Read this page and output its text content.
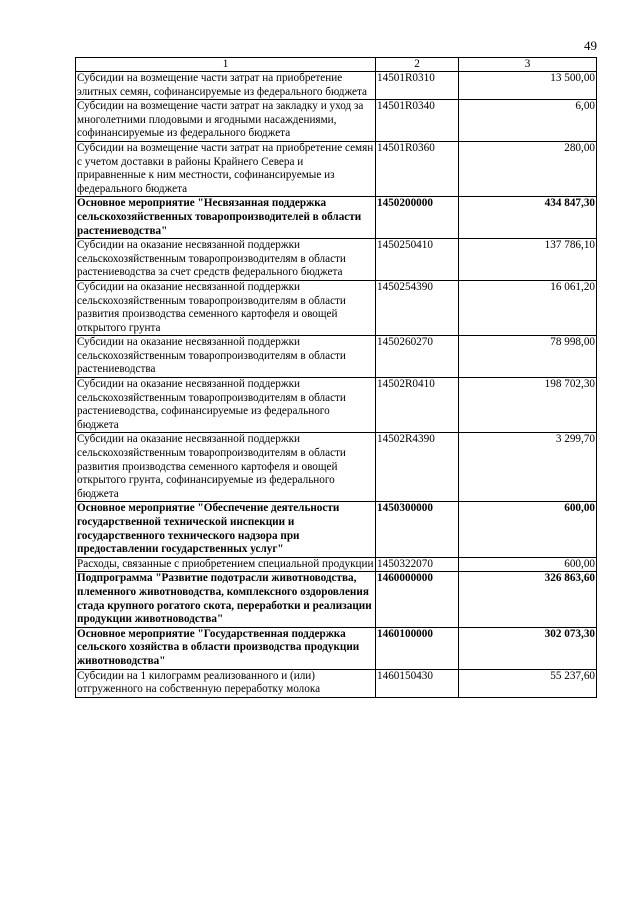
49
1	2	3
Субсидии на возмещение части затрат на приобретение элитных семян, софинансируемые из федерального бюджета	14501R0310	13 500,00
Субсидии на возмещение части затрат на закладку и уход за многолетними плодовыми и ягодными насаждениями, софинансируемые из федерального бюджета	14501R0340	6,00
Субсидии на возмещение части затрат на приобретение семян с учетом доставки в районы Крайнего Севера и приравненные к ним местности, софинансируемые из федерального бюджета	14501R0360	280,00
Основное мероприятие "Несвязанная поддержка сельскохозяйственных товаропроизводителей в области растениеводства"	1450200000	434 847,30
Субсидии на оказание несвязанной поддержки сельскохозяйственным товаропроизводителям в области растениеводства за счет средств федерального бюджета	1450250410	137 786,10
Субсидии на оказание несвязанной поддержки сельскохозяйственным товаропроизводителям в области развития производства семенного картофеля и овощей открытого грунта	1450254390	16 061,20
Субсидии на оказание несвязанной поддержки сельскохозяйственным товаропроизводителям в области растениеводства	1450260270	78 998,00
Субсидии на оказание несвязанной поддержки сельскохозяйственным товаропроизводителям в области растениеводства, софинансируемые из федерального бюджета	14502R0410	198 702,30
Субсидии на оказание несвязанной поддержки сельскохозяйственным товаропроизводителям в области развития производства семенного картофеля и овощей открытого грунта, софинансируемые из федерального бюджета	14502R4390	3 299,70
Основное мероприятие "Обеспечение деятельности государственной технической инспекции и государственного технического надзора при предоставлении государственных услуг"	1450300000	600,00
Расходы, связанные с приобретением специальной продукции	1450322070	600,00
Подпрограмма "Развитие подотрасли животноводства, племенного животноводства, комплексного оздоровления стада крупного рогатого скота, переработки и реализации продукции животноводства"	1460000000	326 863,60
Основное мероприятие "Государственная поддержка сельского хозяйства в области производства продукции животноводства"	1460100000	302 073,30
Субсидии на 1 килограмм реализованного и (или) отгруженного на собственную переработку молока	1460150430	55 237,60
